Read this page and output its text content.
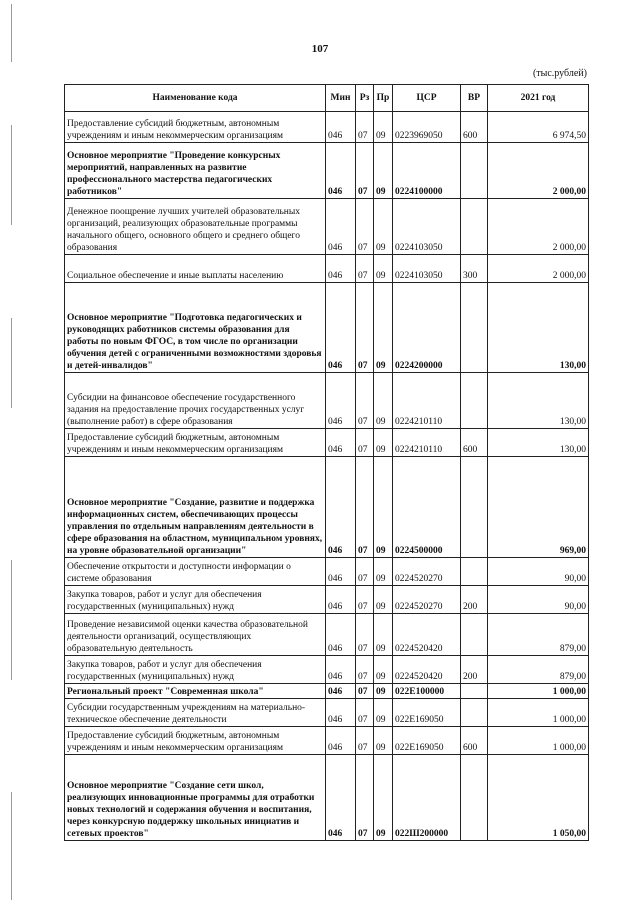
107
(тыс.рублей)
Наименование кода	Мин	Рз	Пр	ЦСР	ВР	2021 год
Предоставление субсидий бюджетным, автономным учреждениям и иным некоммерческим организациям	046	07	09	0223969050	600	6 974,50
Основное мероприятие "Проведение конкурсных мероприятий, направленных на развитие профессионального мастерства педагогических работников"	046	07	09	0224100000		2 000,00
Денежное поощрение лучших учителей образовательных организаций, реализующих образовательные программы начального общего, основного общего и среднего общего образования	046	07	09	0224103050		2 000,00
Социальное обеспечение и иные выплаты населению	046	07	09	0224103050	300	2 000,00
Основное мероприятие "Подготовка педагогических и руководящих работников системы образования для работы по новым ФГОС, в том числе по организации обучения детей с ограниченными возможностями здоровья и детей-инвалидов"	046	07	09	0224200000		130,00
Субсидии на финансовое обеспечение государственного задания на предоставление прочих государственных услуг (выполнение работ) в сфере образования	046	07	09	0224210110		130,00
Предоставление субсидий бюджетным, автономным учреждениям и иным некоммерческим организациям	046	07	09	0224210110	600	130,00
Основное мероприятие "Создание, развитие и поддержка информационных систем, обеспечивающих процессы управления по отдельным направлениям деятельности в сфере образования на областном, муниципальном уровнях, на уровне образовательной организации"	046	07	09	0224500000		969,00
Обеспечение открытости и доступности информации о системе образования	046	07	09	0224520270		90,00
Закупка товаров, работ и услуг для обеспечения государственных (муниципальных) нужд	046	07	09	0224520270	200	90,00
Проведение независимой оценки качества образовательной деятельности организаций, осуществляющих образовательную деятельность	046	07	09	0224520420		879,00
Закупка товаров, работ и услуг для обеспечения государственных (муниципальных) нужд	046	07	09	0224520420	200	879,00
Региональный проект "Современная школа"	046	07	09	022E100000		1 000,00
Субсидии государственным учреждениям на материально-техническое обеспечение деятельности	046	07	09	022E169050		1 000,00
Предоставление субсидий бюджетным, автономным учреждениям и иным некоммерческим организациям	046	07	09	022E169050	600	1 000,00
Основное мероприятие "Создание сети школ, реализующих инновационные программы для отработки новых технологий и содержания обучения и воспитания, через конкурсную поддержку школьных инициатив и сетевых проектов"	046	07	09	022Ш200000		1 050,00
